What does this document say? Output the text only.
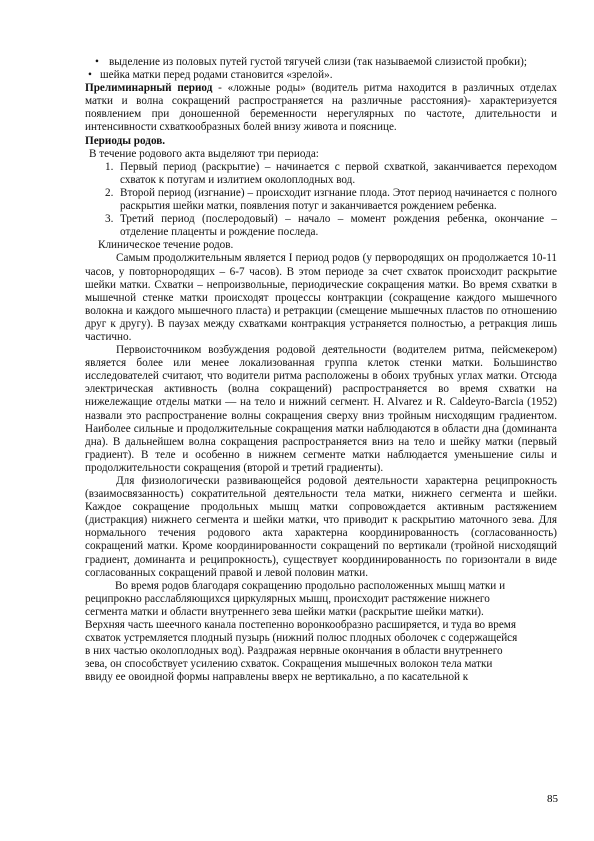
• выделение из половых путей густой тягучей слизи (так называемой слизистой пробки);
• шейка матки перед родами становится «зрелой».

Прелиминарный период - «ложные роды» (водитель ритма находится в различных отделах матки и волна сокращений распространяется на различные расстояния)- характеризуется появлением при доношенной беременности нерегулярных по частоте, длительности и интенсивности схваткообразных болей внизу живота и пояснице.

Периоды родов.

В течение родового акта выделяют три периода:

1. Первый период (раскрытие) – начинается с первой схваткой, заканчивается переходом схваток к потугам и излитием околоплодных вод.
2. Второй период (изгнание) – происходит изгнание плода. Этот период начинается с полного раскрытия шейки матки, появления потуг и заканчивается рождением ребенка.
3. Третий период (послеродовый) – начало – момент рождения ребенка, окончание – отделение плаценты и рождение последа.

Клиническое течение родов.

Самым продолжительным является I период родов (у первородящих он продолжается 10-11 часов, у повторнородящих – 6-7 часов). В этом периоде за счет схваток происходит раскрытие шейки матки. Схватки – непроизвольные, периодические сокращения матки. Во время схватки в мышечной стенке матки происходят процессы контракции (сокращение каждого мышечного волокна и каждого мышечного пласта) и ретракции (смещение мышечных пластов по отношению друг к другу). В паузах между схватками контракция устраняется полностью, а ретракция лишь частично.

Первоисточником возбуждения родовой деятельности (водителем ритма, пейсмекером) является более или менее локализованная группа клеток стенки матки. Большинство исследователей считают, что водители ритма расположены в обоих трубных углах матки. Отсюда электрическая активность (волна сокращений) распространяется во время схватки на нижележащие отделы матки — на тело и нижний сегмент. H. Alvarez и R. Caldeyro-Barcia (1952) назвали это распространение волны сокращения сверху вниз тройным нисходящим градиентом. Наиболее сильные и продолжительные сокращения матки наблюдаются в области дна (доминанта дна). В дальнейшем волна сокращения распространяется вниз на тело и шейку матки (первый градиент). В теле и особенно в нижнем сегменте матки наблюдается уменьшение силы и продолжительности сокращения (второй и третий градиенты).

Для физиологически развивающейся родовой деятельности характерна реципрокность (взаимосвязанность) сократительной деятельности тела матки, нижнего сегмента и шейки. Каждое сокращение продольных мышц матки сопровождается активным растяжением (дистракция) нижнего сегмента и шейки матки, что приводит к раскрытию маточного зева. Для нормального течения родового акта характерна координированность (согласованность) сокращений матки. Кроме координированности сокращений по вертикали (тройной нисходящий градиент, доминанта и реципрокность), существует координированность по горизонтали в виде согласованных сокращений правой и левой половин матки.

Во время родов благодаря сокращению продольно расположенных мышц матки и
реципрокно расслабляющихся циркулярных мышц, происходит растяжение нижнего
сегмента матки и области внутреннего зева шейки матки (раскрытие шейки матки).
Верхняя часть шеечного канала постепенно воронкообразно расширяется, и туда во время
схваток устремляется плодный пузырь (нижний полюс плодных оболочек с содержащейся
в них частью околоплодных вод). Раздражая нервные окончания в области внутреннего
зева, он способствует усилению схваток. Сокращения мышечных волокон тела матки
ввиду ее овоидной формы направлены вверх не вертикально, а по касательной к
85
